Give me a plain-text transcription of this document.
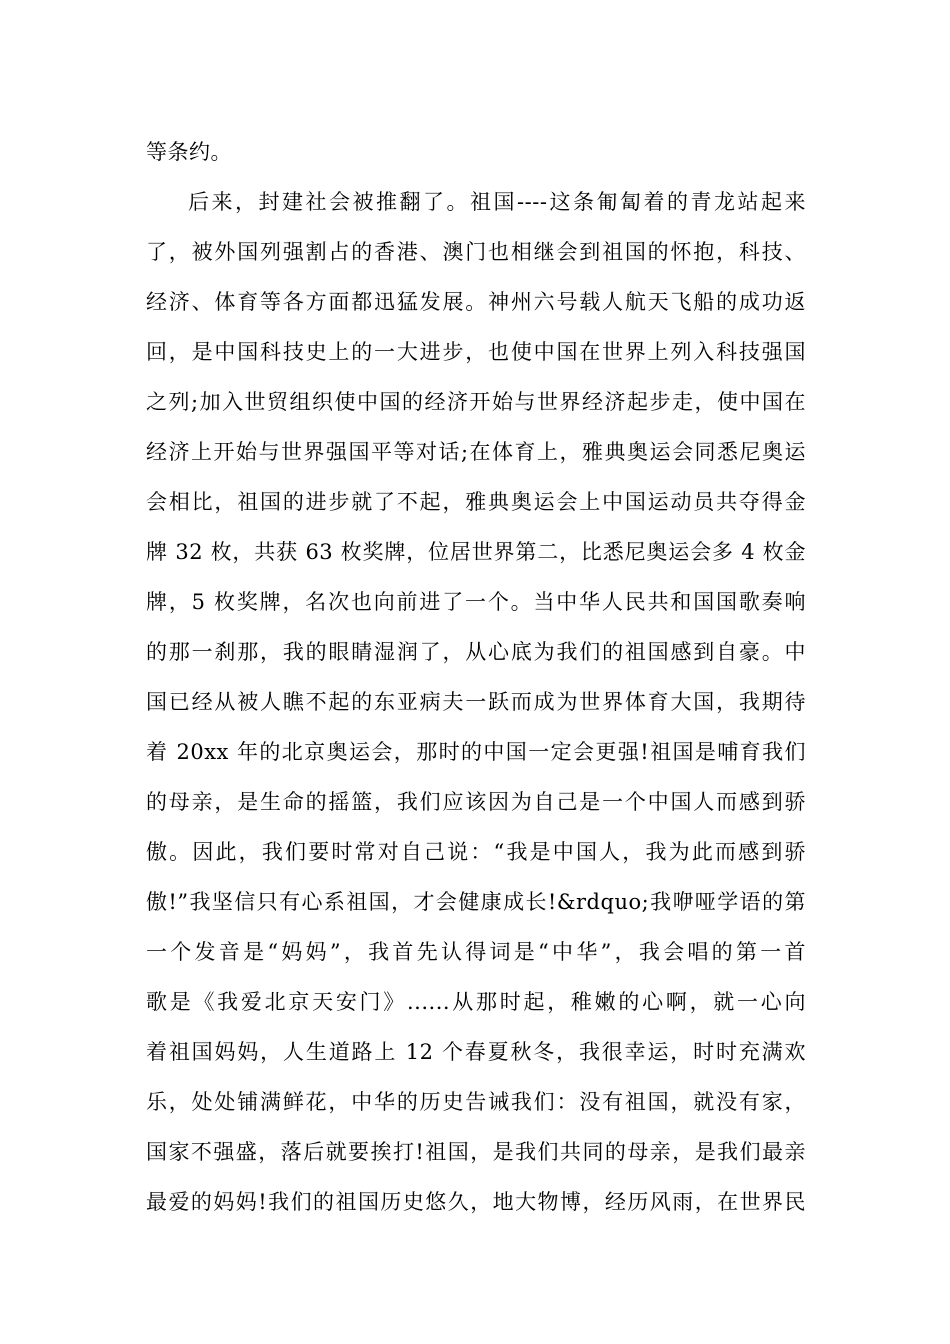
等条约。
后来，封建社会被推翻了。祖国----这条匍匐着的青龙站起来
了，被外国列强割占的香港、澳门也相继会到祖国的怀抱，科技、
经济、体育等各方面都迅猛发展。神州六号载人航天飞船的成功返
回，是中国科技史上的一大进步，也使中国在世界上列入科技强国
之列;加入世贸组织使中国的经济开始与世界经济起步走，使中国在
经济上开始与世界强国平等对话;在体育上，雅典奥运会同悉尼奥运
会相比，祖国的进步就了不起，雅典奥运会上中国运动员共夺得金
牌 32 枚，共获 63 枚奖牌，位居世界第二，比悉尼奥运会多 4 枚金
牌，5 枚奖牌，名次也向前进了一个。当中华人民共和国国歌奏响
的那一刹那，我的眼睛湿润了，从心底为我们的祖国感到自豪。中
国已经从被人瞧不起的东亚病夫一跃而成为世界体育大国，我期待
着 20xx 年的北京奥运会，那时的中国一定会更强!祖国是哺育我们
的母亲，是生命的摇篮，我们应该因为自己是一个中国人而感到骄
傲。因此，我们要时常对自己说：“我是中国人，我为此而感到骄
傲!”我坚信只有心系祖国，才会健康成长!&rdquo;我咿哑学语的第
一个发音是“妈妈”，我首先认得词是“中华”，我会唱的第一首
歌是《我爱北京天安门》......从那时起，稚嫩的心啊，就一心向
着祖国妈妈，人生道路上 12 个春夏秋冬，我很幸运，时时充满欢
乐，处处铺满鲜花，中华的历史告诫我们：没有祖国，就没有家，
国家不强盛，落后就要挨打!祖国，是我们共同的母亲，是我们最亲
最爱的妈妈!我们的祖国历史悠久，地大物博，经历风雨，在世界民
